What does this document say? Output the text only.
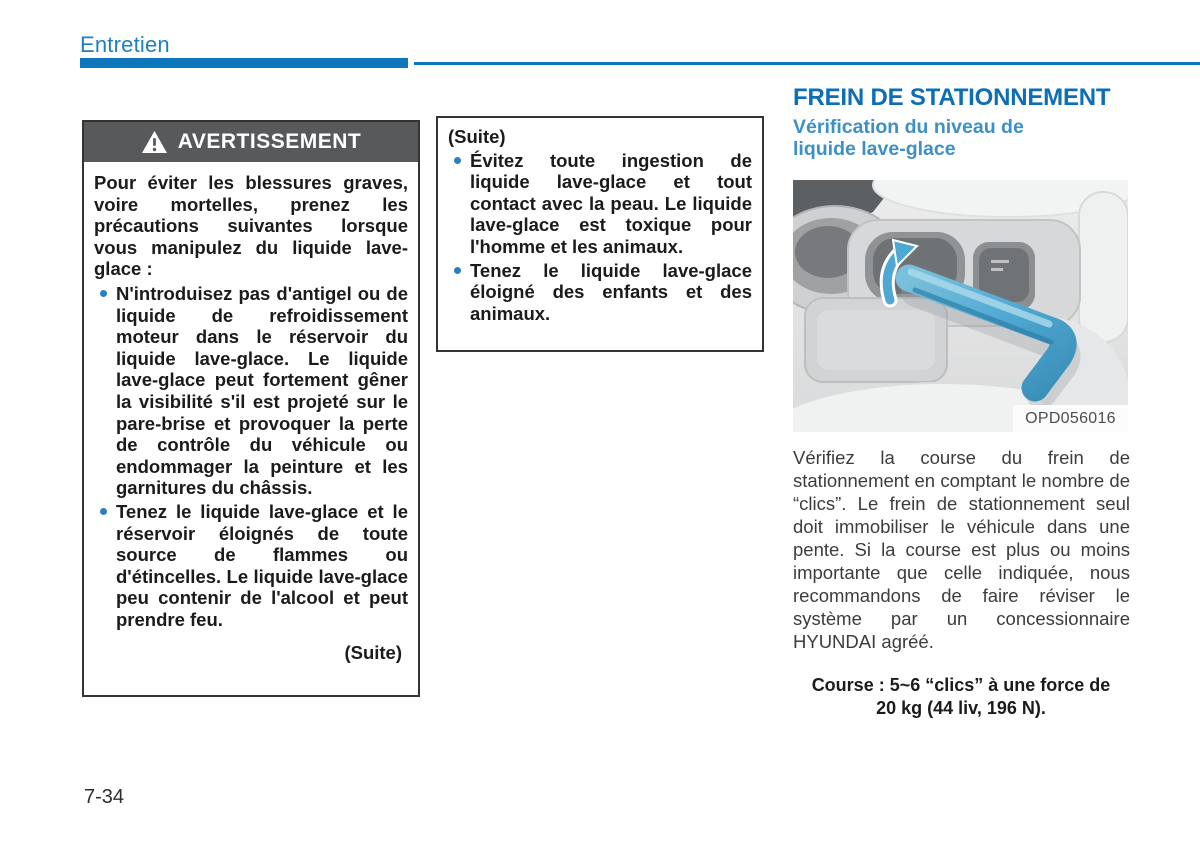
Entretien
AVERTISSEMENT

Pour éviter les blessures graves, voire mortelles, prenez les précautions suivantes lorsque vous manipulez du liquide lave-glace :

N'introduisez pas d'antigel ou de liquide de refroidissement moteur dans le réservoir du liquide lave-glace. Le liquide lave-glace peut fortement gêner la visibilité s'il est projeté sur le pare-brise et provoquer la perte de contrôle du véhicule ou endommager la peinture et les garnitures du châssis.
Tenez le liquide lave-glace et le réservoir éloignés de toute source de flammes ou d'étincelles. Le liquide lave-glace peu contenir de l'alcool et peut prendre feu.
(Suite)

(Suite)

Évitez toute ingestion de liquide lave-glace et tout contact avec la peau. Le liquide lave-glace est toxique pour l'homme et les animaux.
Tenez le liquide lave-glace éloigné des enfants et des animaux.
FREIN DE STATIONNEMENT
Vérification du niveau de liquide lave-glace
OPD056016

Vérifiez la course du frein de stationnement en comptant le nombre de “clics”. Le frein de stationnement seul doit immobiliser le véhicule dans une pente. Si la course est plus ou moins importante que celle indiquée, nous recommandons de faire réviser le système par un concessionnaire HYUNDAI agréé.

Course : 5~6 “clics” à une force de
20 kg (44 liv, 196 N).

7-34
